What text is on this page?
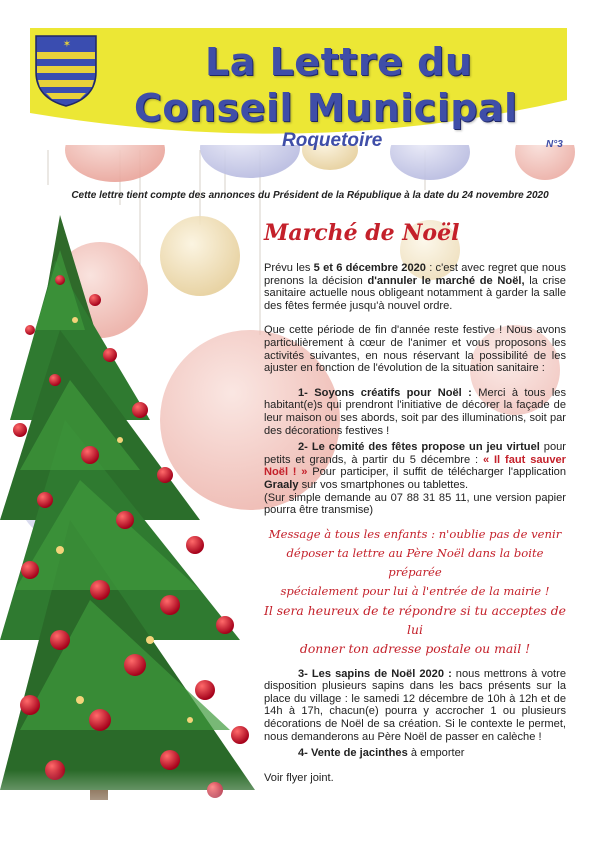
✶	La Lettre du
Conseil Municipal
Roquetoire	N°3
Cette lettre tient compte des annonces du Président de la République à la date du 24 novembre 2020
Marché de Noël
Prévu les 5 et 6 décembre 2020 : c'est avec regret que nous prenons la décision d'annuler le marché de Noël, la crise sanitaire actuelle nous obligeant notamment à garder la salle des fêtes fermée jusqu'à nouvel ordre.
Que cette période de fin d'année reste festive ! Nous avons particulièrement à cœur de l'animer et vous proposons les activités suivantes, en nous réservant la possibilité de les ajuster en fonction de l'évolution de la situation sanitaire :
1- Soyons créatifs pour Noël : Merci à tous les habitant(e)s qui prendront l'initiative de décorer la façade de leur maison ou ses abords, soit par des illuminations, soit par des décorations festives !
2- Le comité des fêtes propose un jeu virtuel pour petits et grands, à partir du 5 décembre : « Il faut sauver Noël ! » Pour participer, il suffit de télécharger l'application Graaly sur vos smartphones ou tablettes.
(Sur simple demande au 07 88 31 85 11, une version papier pourra être transmise)
Message à tous les enfants : n'oublie pas de venir
déposer ta lettre au Père Noël dans la boite préparée
spécialement pour lui à l'entrée de la mairie !
Il sera heureux de te répondre si tu acceptes de lui
donner ton adresse postale ou mail !
3- Les sapins de Noël 2020 : nous mettrons à votre disposition plusieurs sapins dans les bacs présents sur la place du village : le samedi 12 décembre de 10h à 12h et de 14h à 17h, chacun(e) pourra y accrocher 1 ou plusieurs décorations de Noël de sa création. Si le contexte le permet, nous demanderons au Père Noël de passer en calèche !
4- Vente de jacinthes à emporter
Voir flyer joint.
